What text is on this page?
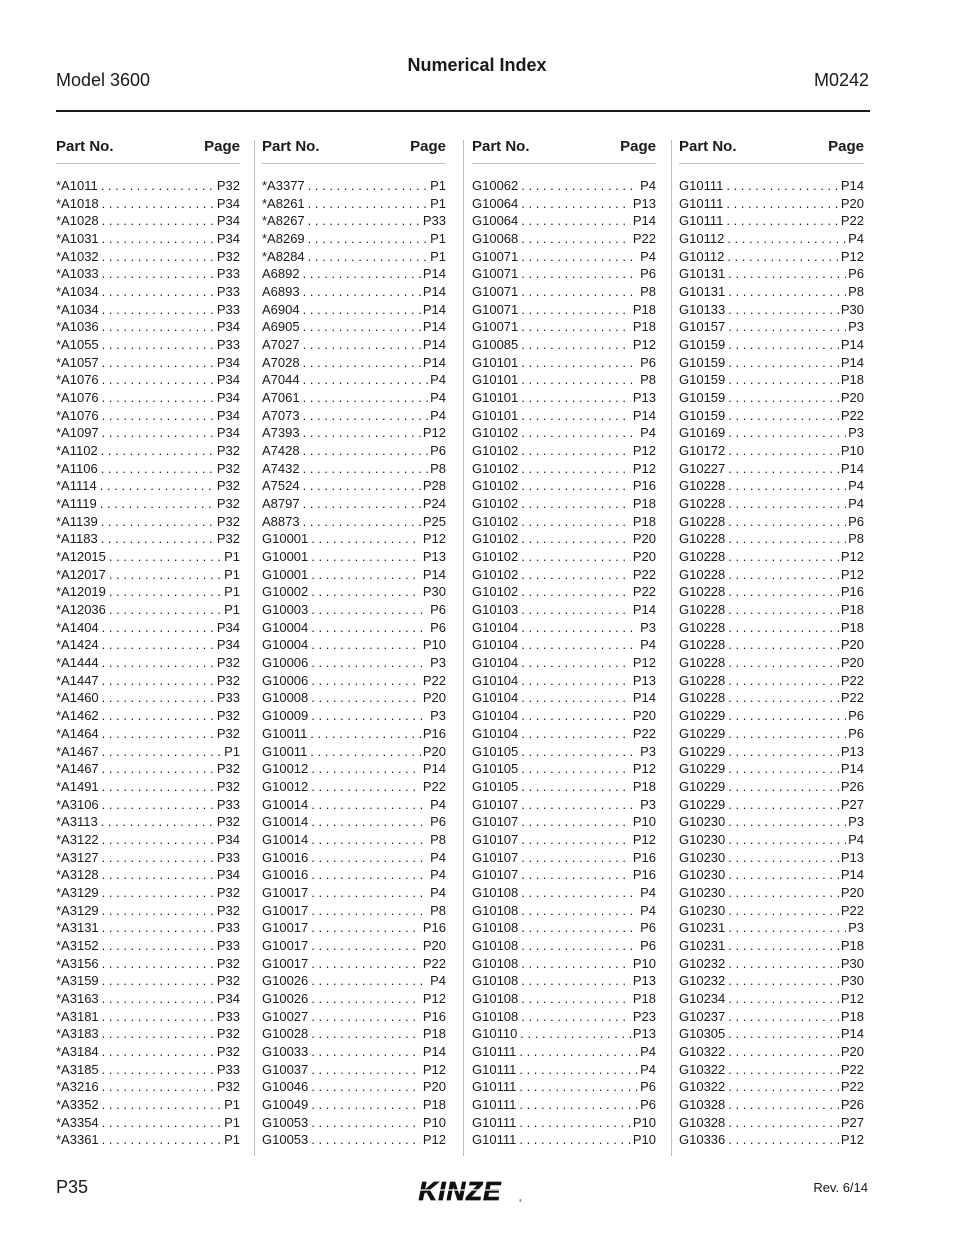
Numerical Index
Model 3600	M0242
Part No.	Page
*A1011 . . .	P32
*A1018 . . .	P34
*A1028 . . .	P34
*A1031 . . .	P34
*A1032 . . .	P32
*A1033 . . .	P33
*A1034 . . .	P33
*A1034 . . .	P33
*A1036 . . .	P34
*A1055 . . .	P33
*A1057 . . .	P34
*A1076 . . .	P34
*A1076 . . .	P34
*A1076 . . .	P34
*A1097 . . .	P34
*A1102 . . .	P32
*A1106 . . .	P32
*A1114 . . .	P32
*A1119 . . .	P32
*A1139 . . .	P32
*A1183 . . .	P32
*A12015 . . .	P1
*A12017 . . .	P1
*A12019 . . .	P1
*A12036 . . .	P1
*A1404 . . .	P34
*A1424 . . .	P34
*A1444 . . .	P32
*A1447 . . .	P32
*A1460 . . .	P33
*A1462 . . .	P32
*A1464 . . .	P32
*A1467 . . .	P1
*A1467 . . .	P32
*A1491 . . .	P32
*A3106 . . .	P33
*A3113 . . .	P32
*A3122 . . .	P34
*A3127 . . .	P33
*A3128 . . .	P34
*A3129 . . .	P32
*A3129 . . .	P32
*A3131 . . .	P33
*A3152 . . .	P33
*A3156 . . .	P32
*A3159 . . .	P32
*A3163 . . .	P34
*A3181 . . .	P33
*A3183 . . .	P32
*A3184 . . .	P32
*A3185 . . .	P33
*A3216 . . .	P32
*A3352 . . .	P1
*A3354 . . .	P1
*A3361 . . .	P1
Part No.	Page
*A3377 . . .	P1
*A8261 . . .	P1
*A8267 . . .	P33
*A8269 . . .	P1
*A8284 . . .	P1
A6892 . . .	P14
A6893 . . .	P14
A6904 . . .	P14
A6905 . . .	P14
A7027 . . .	P14
A7028 . . .	P14
A7044 . . .	P4
A7061 . . .	P4
A7073 . . .	P4
A7393 . . .	P12
A7428 . . .	P6
A7432 . . .	P8
A7524 . . .	P28
A8797 . . .	P24
A8873 . . .	P25
G10001 . . .	P12
G10001 . . .	P13
G10001 . . .	P14
G10002 . . .	P30
G10003 . . .	P6
G10004 . . .	P6
G10004 . . .	P10
G10006 . . .	P3
G10006 . . .	P22
G10008 . . .	P20
G10009 . . .	P3
G10011 . . .	P16
G10011 . . .	P20
G10012 . . .	P14
G10012 . . .	P22
G10014 . . .	P4
G10014 . . .	P6
G10014 . . .	P8
G10016 . . .	P4
G10016 . . .	P4
G10017 . . .	P4
G10017 . . .	P8
G10017 . . .	P16
G10017 . . .	P20
G10017 . . .	P22
G10026 . . .	P4
G10026 . . .	P12
G10027 . . .	P16
G10028 . . .	P18
G10033 . . .	P14
G10037 . . .	P12
G10046 . . .	P20
G10049 . . .	P18
G10053 . . .	P10
G10053 . . .	P12
Part No.	Page
G10062 . . .	P4
G10064 . . .	P13
G10064 . . .	P14
G10068 . . .	P22
G10071 . . .	P4
G10071 . . .	P6
G10071 . . .	P8
G10071 . . .	P18
G10071 . . .	P18
G10085 . . .	P12
G10101 . . .	P6
G10101 . . .	P8
G10101 . . .	P13
G10101 . . .	P14
G10102 . . .	P4
G10102 . . .	P12
G10102 . . .	P12
G10102 . . .	P16
G10102 . . .	P18
G10102 . . .	P18
G10102 . . .	P20
G10102 . . .	P20
G10102 . . .	P22
G10102 . . .	P22
G10103 . . .	P14
G10104 . . .	P3
G10104 . . .	P4
G10104 . . .	P12
G10104 . . .	P13
G10104 . . .	P14
G10104 . . .	P20
G10104 . . .	P22
G10105 . . .	P3
G10105 . . .	P12
G10105 . . .	P18
G10107 . . .	P3
G10107 . . .	P10
G10107 . . .	P12
G10107 . . .	P16
G10107 . . .	P16
G10108 . . .	P4
G10108 . . .	P4
G10108 . . .	P6
G10108 . . .	P6
G10108 . . .	P10
G10108 . . .	P13
G10108 . . .	P18
G10108 . . .	P23
G10110 . . .	P13
G10111 . . .	P4
G10111 . . .	P4
G10111 . . .	P6
G10111 . . .	P6
G10111 . . .	P10
G10111 . . .	P10
Part No.	Page
G10111 . . .	P14
G10111 . . .	P20
G10111 . . .	P22
G10112 . . .	P4
G10112 . . .	P12
G10131 . . .	P6
G10131 . . .	P8
G10133 . . .	P30
G10157 . . .	P3
G10159 . . .	P14
G10159 . . .	P14
G10159 . . .	P18
G10159 . . .	P20
G10159 . . .	P22
G10169 . . .	P3
G10172 . . .	P10
G10227 . . .	P14
G10228 . . .	P4
G10228 . . .	P4
G10228 . . .	P6
G10228 . . .	P8
G10228 . . .	P12
G10228 . . .	P12
G10228 . . .	P16
G10228 . . .	P18
G10228 . . .	P18
G10228 . . .	P20
G10228 . . .	P20
G10228 . . .	P22
G10228 . . .	P22
G10229 . . .	P6
G10229 . . .	P6
G10229 . . .	P13
G10229 . . .	P14
G10229 . . .	P26
G10229 . . .	P27
G10230 . . .	P3
G10230 . . .	P4
G10230 . . .	P13
G10230 . . .	P14
G10230 . . .	P20
G10230 . . .	P22
G10231 . . .	P3
G10231 . . .	P18
G10232 . . .	P30
G10232 . . .	P30
G10234 . . .	P12
G10237 . . .	P18
G10305 . . .	P14
G10322 . . .	P20
G10322 . . .	P22
G10322 . . .	P22
G10328 . . .	P26
G10328 . . .	P27
G10336 . . .	P12
P35	Rev. 6/14
KINZE	®
